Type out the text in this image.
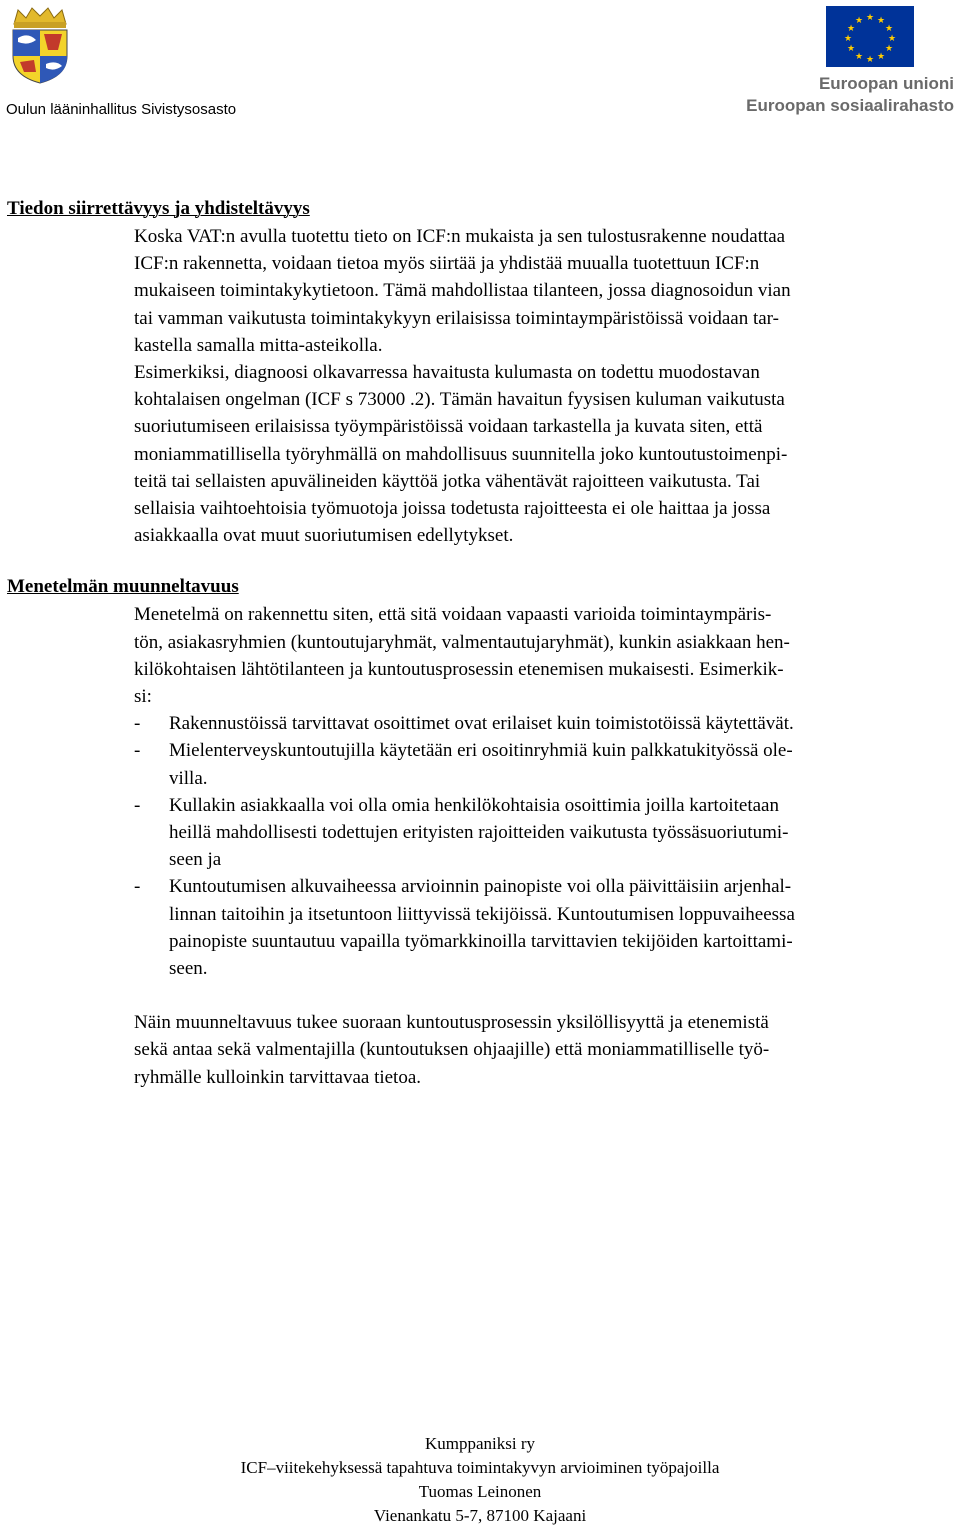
Oulun lääninhallitus Sivistysosasto
★ ★
★
★
★
★
★
★
★
★
★
★
Euroopan unioni
Euroopan sosiaalirahasto
Tiedon siirrettävyys ja yhdisteltävyys
Koska VAT:n avulla tuotettu tieto on ICF:n mukaista ja sen tulostusrakenne noudattaa
ICF:n rakennetta, voidaan tietoa myös siirtää ja yhdistää muualla tuotettuun ICF:n
mukaiseen toimintakykytietoon. Tämä mahdollistaa tilanteen, jossa diagnosoidun vian
tai vamman vaikutusta toimintakykyyn erilaisissa toimintaympäristöissä voidaan tar-
kastella samalla mitta-asteikolla.
Esimerkiksi, diagnoosi olkavarressa havaitusta kulumasta on todettu muodostavan
kohtalaisen ongelman (ICF s 73000 .2). Tämän havaitun fyysisen kuluman vaikutusta
suoriutumiseen erilaisissa työympäristöissä voidaan tarkastella ja kuvata siten, että
moniammatillisella työryhmällä on mahdollisuus suunnitella joko kuntoutustoimenpi-
teitä tai sellaisten apuvälineiden käyttöä jotka vähentävät rajoitteen vaikutusta. Tai
sellaisia vaihtoehtoisia työmuotoja joissa todetusta rajoitteesta ei ole haittaa ja jossa
asiakkaalla ovat muut suoriutumisen edellytykset.
Menetelmän muunneltavuus
Menetelmä on rakennettu siten, että sitä voidaan vapaasti varioida toimintaympäris-
tön, asiakasryhmien (kuntoutujaryhmät, valmentautujaryhmät), kunkin asiakkaan hen-
kilökohtaisen lähtötilanteen ja kuntoutusprosessin etenemisen mukaisesti. Esimerkik-
si:
- Rakennustöissä tarvittavat osoittimet ovat erilaiset kuin toimistotöissä käytettävät.
- Mielenterveyskuntoutujilla käytetään eri osoitinryhmiä kuin palkkatukityössä ole-
villa.
- Kullakin asiakkaalla voi olla omia henkilökohtaisia osoittimia joilla kartoitetaan
heillä mahdollisesti todettujen erityisten rajoitteiden vaikutusta työssäsuoriutumi-
seen ja
- Kuntoutumisen alkuvaiheessa arvioinnin painopiste voi olla päivittäisiin arjenhal-
linnan taitoihin ja itsetuntoon liittyvissä tekijöissä. Kuntoutumisen loppuvaiheessa
painopiste suuntautuu vapailla työmarkkinoilla tarvittavien tekijöiden kartoittami-
seen.
Näin muunneltavuus tukee suoraan kuntoutusprosessin yksilöllisyyttä ja etenemistä
sekä antaa sekä valmentajilla (kuntoutuksen ohjaajille) että moniammatilliselle työ-
ryhmälle kulloinkin tarvittavaa tietoa.
Kumppaniksi ry
ICF–viitekehyksessä tapahtuva toimintakyvyn arvioiminen työpajoilla
Tuomas Leinonen
Vienankatu 5-7, 87100 Kajaani
